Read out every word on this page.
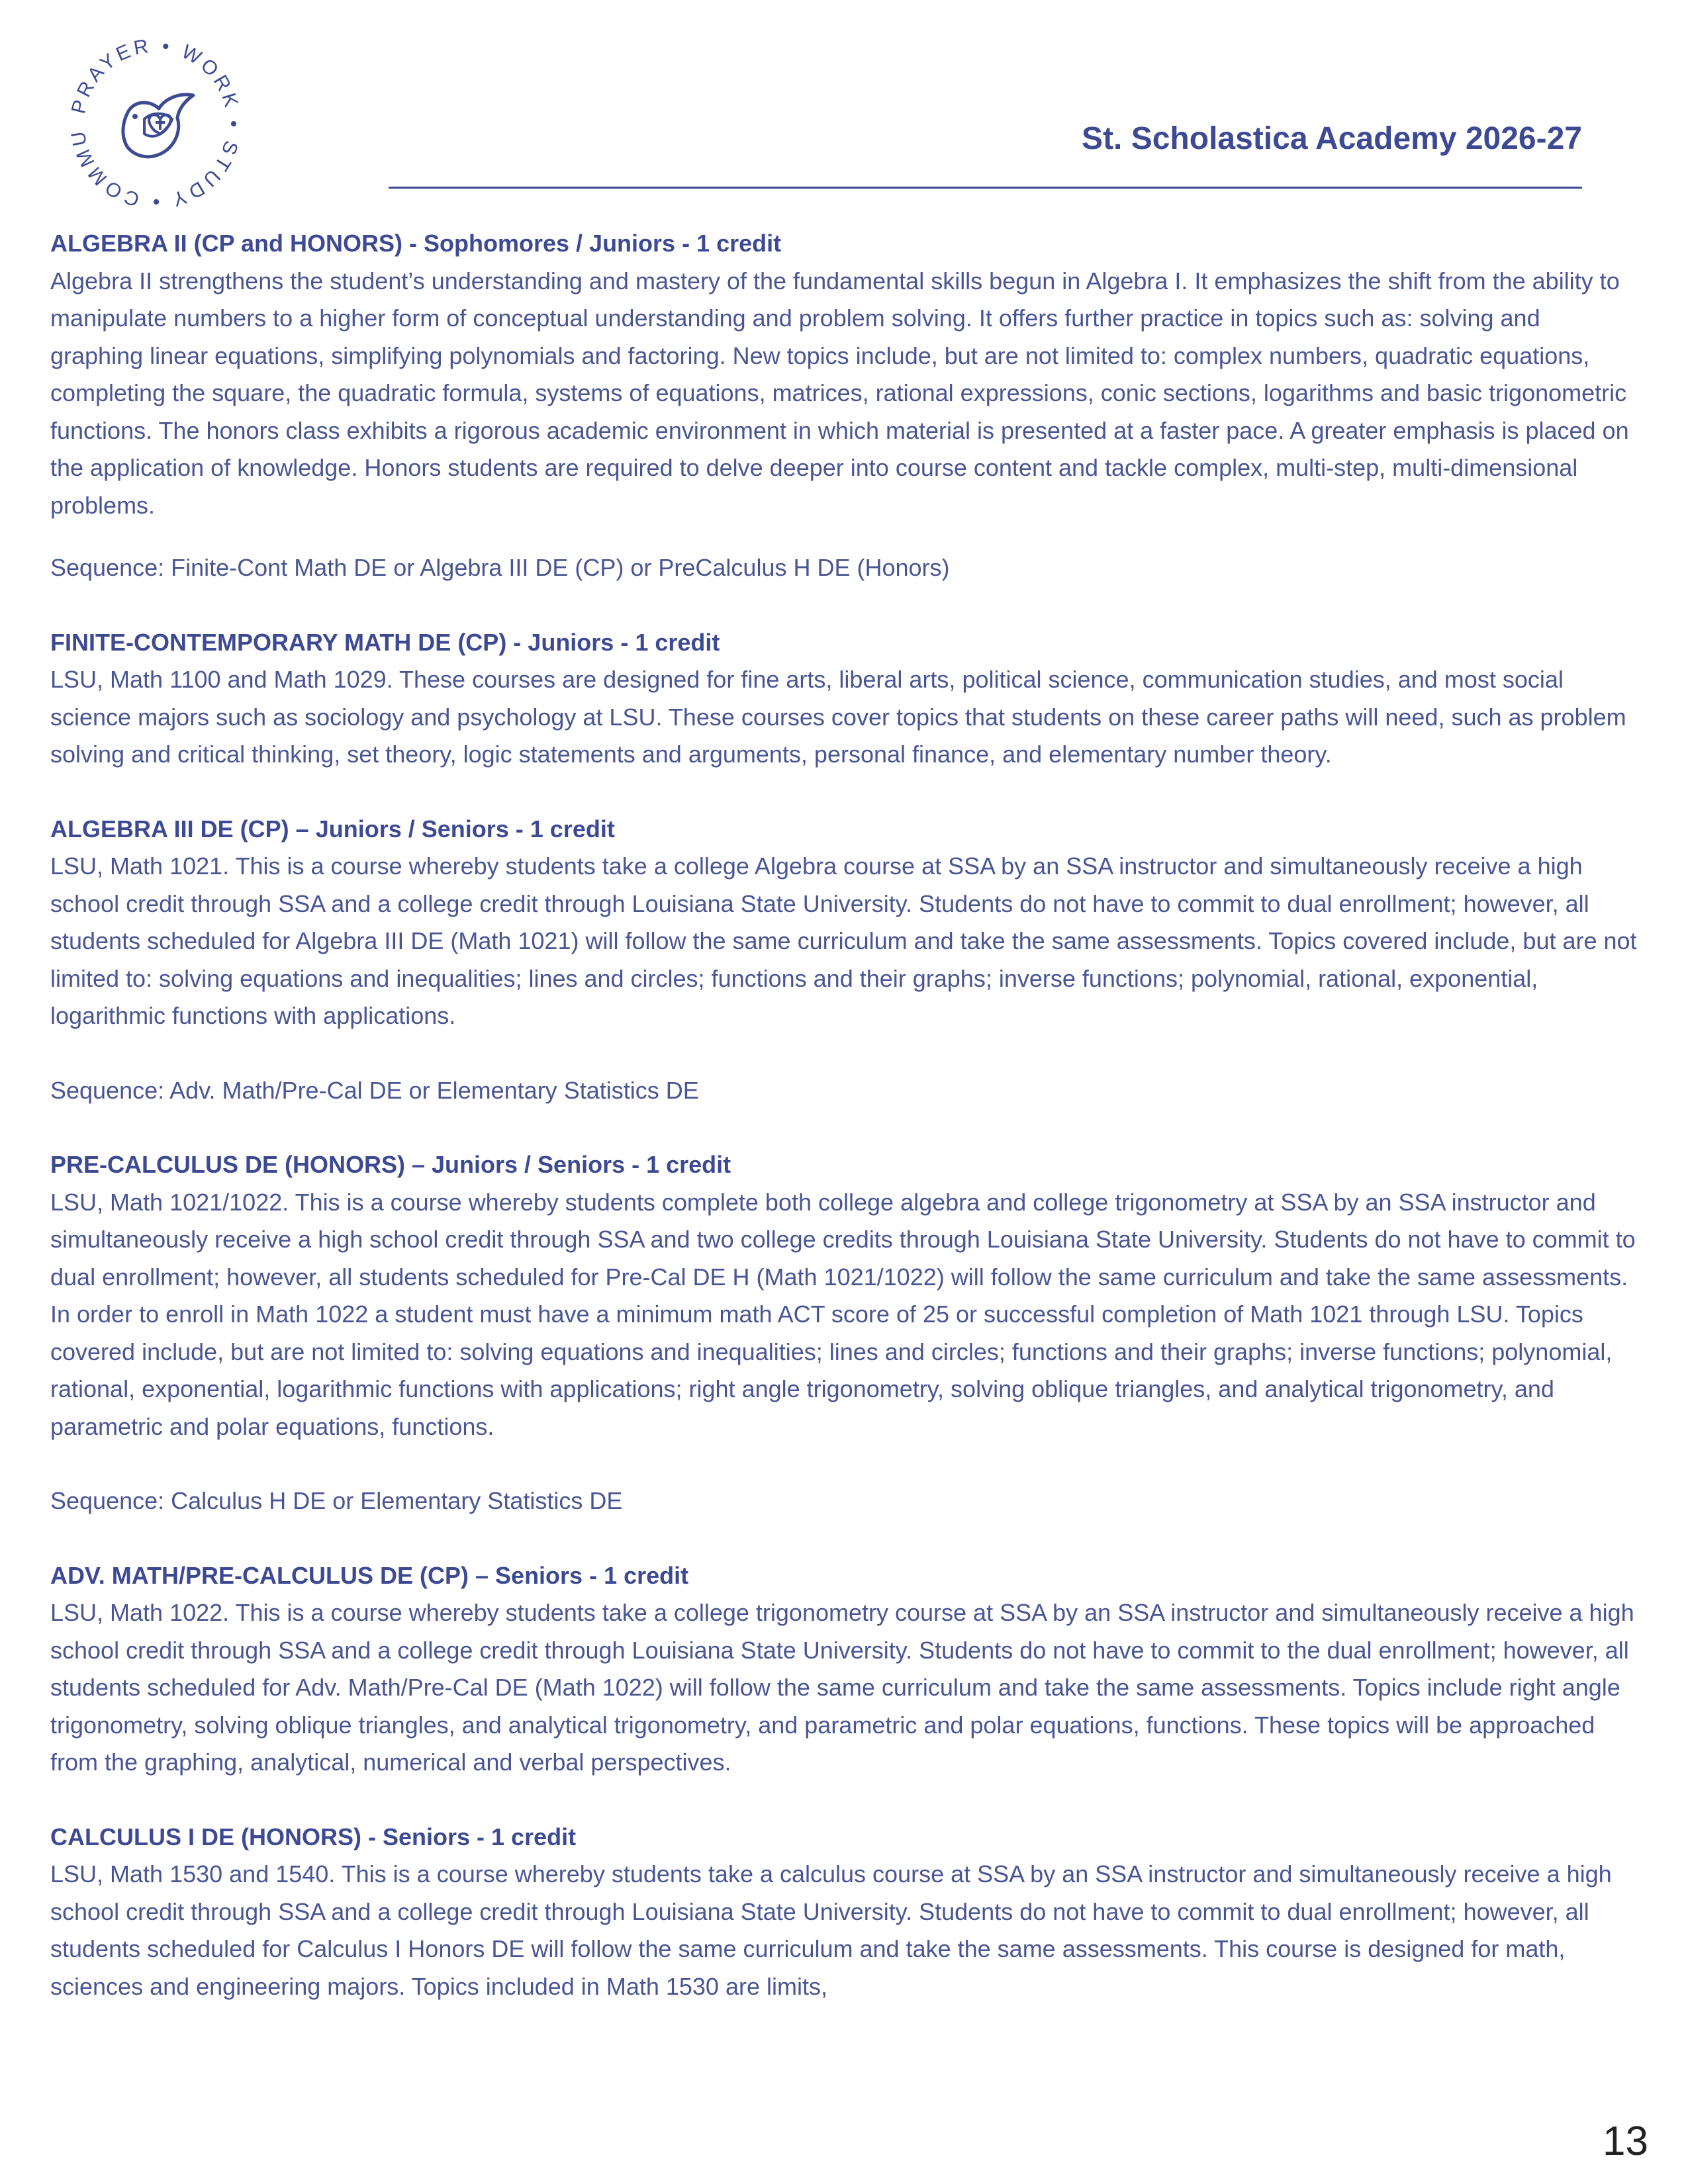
PRAYER • WORK • STUDY • COMMU	St. Scholastica Academy 2026-27

ALGEBRA II (CP and HONORS) - Sophomores / Juniors - 1 credit

Algebra II strengthens the student’s understanding and mastery of the fundamental skills begun in Algebra I. It emphasizes the shift from the ability to manipulate numbers to a higher form of conceptual understanding and problem solving. It offers further practice in topics such as: solving and graphing linear equations, simplifying polynomials and factoring. New topics include, but are not limited to: complex numbers, quadratic equations, completing the square, the quadratic formula, systems of equations, matrices, rational expressions, conic sections, logarithms and basic trigonometric functions. The honors class exhibits a rigorous academic environment in which material is presented at a faster pace. A greater emphasis is placed on the application of knowledge. Honors students are required to delve deeper into course content and tackle complex, multi-step, multi-dimensional problems.

Sequence: Finite-Cont Math DE or Algebra III DE (CP) or PreCalculus H DE (Honors)

FINITE-CONTEMPORARY MATH DE (CP) - Juniors - 1 credit

LSU, Math 1100 and Math 1029. These courses are designed for fine arts, liberal arts, political science, communication studies, and most social science majors such as sociology and psychology at LSU. These courses cover topics that students on these career paths will need, such as problem solving and critical thinking, set theory, logic statements and arguments, personal finance, and elementary number theory.

ALGEBRA III DE (CP) – Juniors / Seniors - 1 credit

LSU, Math 1021. This is a course whereby students take a college Algebra course at SSA by an SSA instructor and simultaneously receive a high school credit through SSA and a college credit through Louisiana State University. Students do not have to commit to dual enrollment; however, all students scheduled for Algebra III DE (Math 1021) will follow the same curriculum and take the same assessments. Topics covered include, but are not limited to: solving equations and inequalities; lines and circles; functions and their graphs; inverse functions; polynomial, rational, exponential, logarithmic functions with applications.

Sequence: Adv. Math/Pre-Cal DE or Elementary Statistics DE

PRE-CALCULUS DE (HONORS) – Juniors / Seniors - 1 credit

LSU, Math 1021/1022. This is a course whereby students complete both college algebra and college trigonometry at SSA by an SSA instructor and simultaneously receive a high school credit through SSA and two college credits through Louisiana State University. Students do not have to commit to dual enrollment; however, all students scheduled for Pre-Cal DE H (Math 1021/1022) will follow the same curriculum and take the same assessments. In order to enroll in Math 1022 a student must have a minimum math ACT score of 25 or successful completion of Math 1021 through LSU. Topics covered include, but are not limited to: solving equations and inequalities; lines and circles; functions and their graphs; inverse functions; polynomial, rational, exponential, logarithmic functions with applications; right angle trigonometry, solving oblique triangles, and analytical trigonometry, and parametric and polar equations, functions.

Sequence: Calculus H DE or Elementary Statistics DE

ADV. MATH/PRE-CALCULUS DE (CP) – Seniors - 1 credit

LSU, Math 1022. This is a course whereby students take a college trigonometry course at SSA by an SSA instructor and simultaneously receive a high school credit through SSA and a college credit through Louisiana State University. Students do not have to commit to the dual enrollment; however, all students scheduled for Adv. Math/Pre-Cal DE (Math 1022) will follow the same curriculum and take the same assessments. Topics include right angle trigonometry, solving oblique triangles, and analytical trigonometry, and parametric and polar equations, functions. These topics will be approached from the graphing, analytical, numerical and verbal perspectives.

CALCULUS I DE (HONORS) - Seniors - 1 credit

LSU, Math 1530 and 1540. This is a course whereby students take a calculus course at SSA by an SSA instructor and simultaneously receive a high school credit through SSA and a college credit through Louisiana State University. Students do not have to commit to dual enrollment; however, all students scheduled for Calculus I Honors DE will follow the same curriculum and take the same assessments. This course is designed for math, sciences and engineering majors. Topics included in Math 1530 are limits,

13
